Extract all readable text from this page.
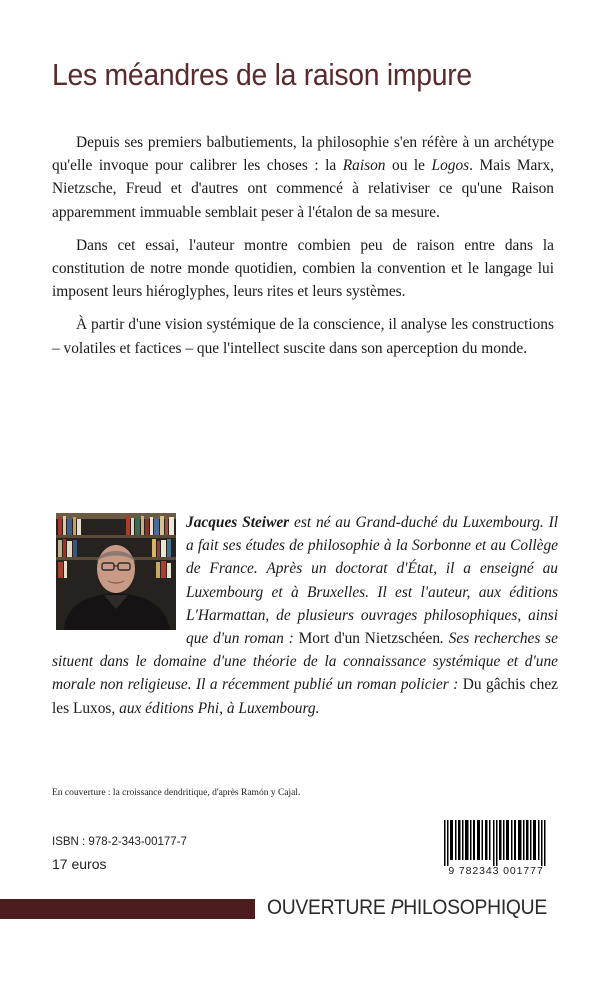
Les méandres de la raison impure

Depuis ses premiers balbutiements, la philosophie s'en réfère à un archétype qu'elle invoque pour calibrer les choses : la Raison ou le Logos. Mais Marx, Nietzsche, Freud et d'autres ont commencé à relativiser ce qu'une Raison apparemment immuable semblait peser à l'étalon de sa mesure.

Dans cet essai, l'auteur montre combien peu de raison entre dans la constitution de notre monde quotidien, combien la convention et le langage lui imposent leurs hiéroglyphes, leurs rites et leurs systèmes.

À partir d'une vision systémique de la conscience, il analyse les constructions – volatiles et factices – que l'intellect suscite dans son aperception du monde.

Jacques Steiwer est né au Grand-duché du Luxembourg. Il a fait ses études de philosophie à la Sorbonne et au Collège de France. Après un doctorat d'État, il a enseigné au Luxembourg et à Bruxelles. Il est l'auteur, aux éditions L'Harmattan, de plusieurs ouvrages philosophiques, ainsi que d'un roman : Mort d'un Nietzschéen. Ses recherches se situent dans le domaine d'une théorie de la connaissance systémique et d'une morale non religieuse. Il a récemment publié un roman policier : Du gâchis chez les Luxos, aux éditions Phi, à Luxembourg.
En couverture : la croissance dendritique, d'après Ramón y Cajal.
ISBN : 978-2-343-00177-7
17 euros	9 782343 001777
OUVERTURE PHILOSOPHIQUE
